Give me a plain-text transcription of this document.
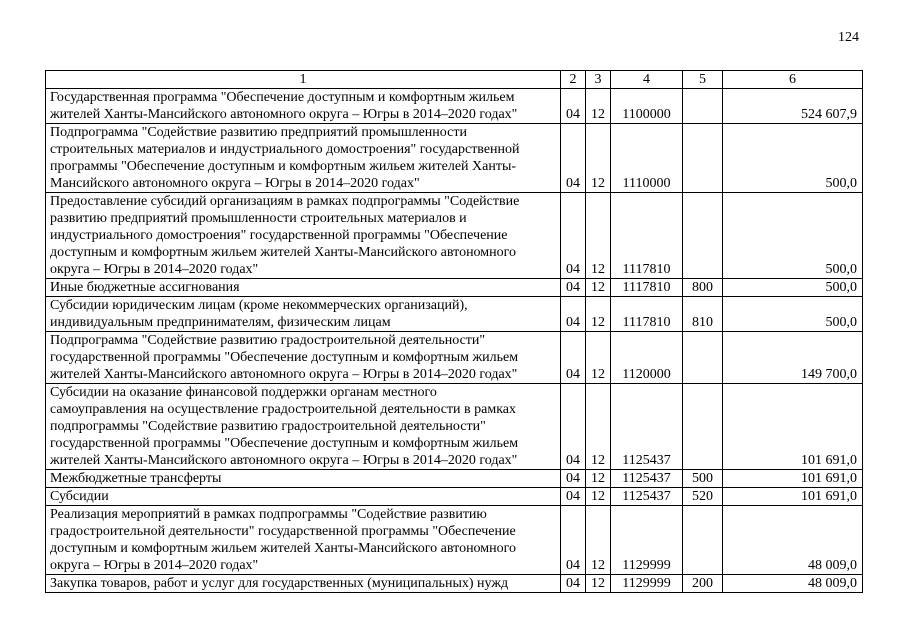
124
1	2	3	4	5	6
Государственная программа "Обеспечение доступным и комфортным жильем
жителей Ханты-Мансийского автономного округа – Югры в 2014–2020 годах"	04	12	1100000		524 607,9
Подпрограмма "Содействие развитию предприятий промышленности
строительных материалов и индустриального домостроения" государственной
программы "Обеспечение доступным и комфортным жильем жителей Ханты-
Мансийского автономного округа – Югры в 2014–2020 годах"	04	12	1110000		500,0
Предоставление субсидий организациям в рамках подпрограммы "Содействие
развитию предприятий промышленности строительных материалов и
индустриального домостроения" государственной программы "Обеспечение
доступным и комфортным жильем жителей Ханты-Мансийского автономного
округа – Югры в 2014–2020 годах"	04	12	1117810		500,0
Иные бюджетные ассигнования	04	12	1117810	800	500,0
Субсидии юридическим лицам (кроме некоммерческих организаций),
индивидуальным предпринимателям, физическим лицам	04	12	1117810	810	500,0
Подпрограмма "Содействие развитию градостроительной деятельности"
государственной программы "Обеспечение доступным и комфортным жильем
жителей Ханты-Мансийского автономного округа – Югры в 2014–2020 годах"	04	12	1120000		149 700,0
Субсидии на оказание финансовой поддержки органам местного
самоуправления на осуществление градостроительной деятельности в рамках
подпрограммы "Содействие развитию градостроительной деятельности"
государственной программы "Обеспечение доступным и комфортным жильем
жителей Ханты-Мансийского автономного округа – Югры в 2014–2020 годах"	04	12	1125437		101 691,0
Межбюджетные трансферты	04	12	1125437	500	101 691,0
Субсидии	04	12	1125437	520	101 691,0
Реализация мероприятий в рамках подпрограммы "Содействие развитию
градостроительной деятельности" государственной программы "Обеспечение
доступным и комфортным жильем жителей Ханты-Мансийского автономного
округа – Югры в 2014–2020 годах"	04	12	1129999		48 009,0
Закупка товаров, работ и услуг для государственных (муниципальных) нужд	04	12	1129999	200	48 009,0
